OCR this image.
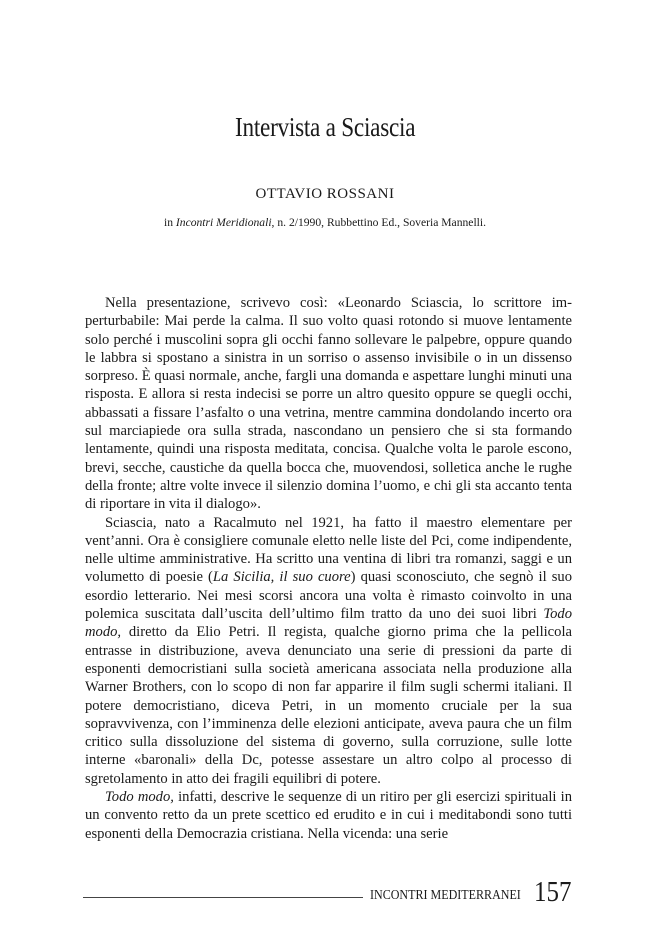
Intervista a Sciascia
OTTAVIO ROSSANI
in Incontri Meridionali, n. 2/1990, Rubbettino Ed., Soveria Mannelli.

Nella presentazione, scrivevo così: «Leonardo Sciascia, lo scrittore imperturbabile: Mai perde la calma. Il suo volto quasi rotondo si muove lentamente solo perché i muscolini sopra gli occhi fanno sollevare le palpebre, oppure quando le labbra si spostano a sinistra in un sorriso o assenso invisibile o in un dissenso sorpreso. È quasi normale, anche, fargli una domanda e aspettare lunghi minuti una risposta. E allora si resta indecisi se porre un altro quesito oppure se quegli occhi, abbassati a fissare l’asfalto o una vetrina, mentre cammina dondolando incerto ora sul marciapiede ora sulla strada, nascondano un pensiero che si sta formando lentamente, quindi una risposta meditata, concisa. Qualche volta le parole escono, brevi, secche, caustiche da quella bocca che, muovendosi, solletica anche le rughe della fronte; altre volte invece il silenzio domina l’uomo, e chi gli sta accanto tenta di riportare in vita il dialogo».

Sciascia, nato a Racalmuto nel 1921, ha fatto il maestro elementare per vent’anni. Ora è consigliere comunale eletto nelle liste del Pci, come indipendente, nelle ultime amministrative. Ha scritto una ventina di libri tra romanzi, saggi e un volumetto di poesie (La Sicilia, il suo cuore) quasi sconosciuto, che segnò il suo esordio letterario. Nei mesi scorsi ancora una volta è rimasto coinvolto in una polemica suscitata dall’uscita dell’ultimo film tratto da uno dei suoi libri Todo modo, diretto da Elio Petri. Il regista, qualche giorno prima che la pellicola entrasse in distribuzione, aveva denunciato una serie di pressioni da parte di esponenti democristiani sulla società americana associata nella produzione alla Warner Brothers, con lo scopo di non far apparire il film sugli schermi italiani. Il potere democristiano, diceva Petri, in un momento cruciale per la sua sopravvivenza, con l’imminenza delle elezioni anticipate, aveva paura che un film critico sulla dissoluzione del sistema di governo, sulla corruzione, sulle lotte interne «baronali» della Dc, potesse assestare un altro colpo al processo di sgretolamento in atto dei fragili equilibri di potere.

Todo modo, infatti, descrive le sequenze di un ritiro per gli esercizi spirituali in un convento retto da un prete scettico ed erudito e in cui i meditabondi sono tutti esponenti della Democrazia cristiana. Nella vicenda: una serie

INCONTRI MEDITERRANEI 157
